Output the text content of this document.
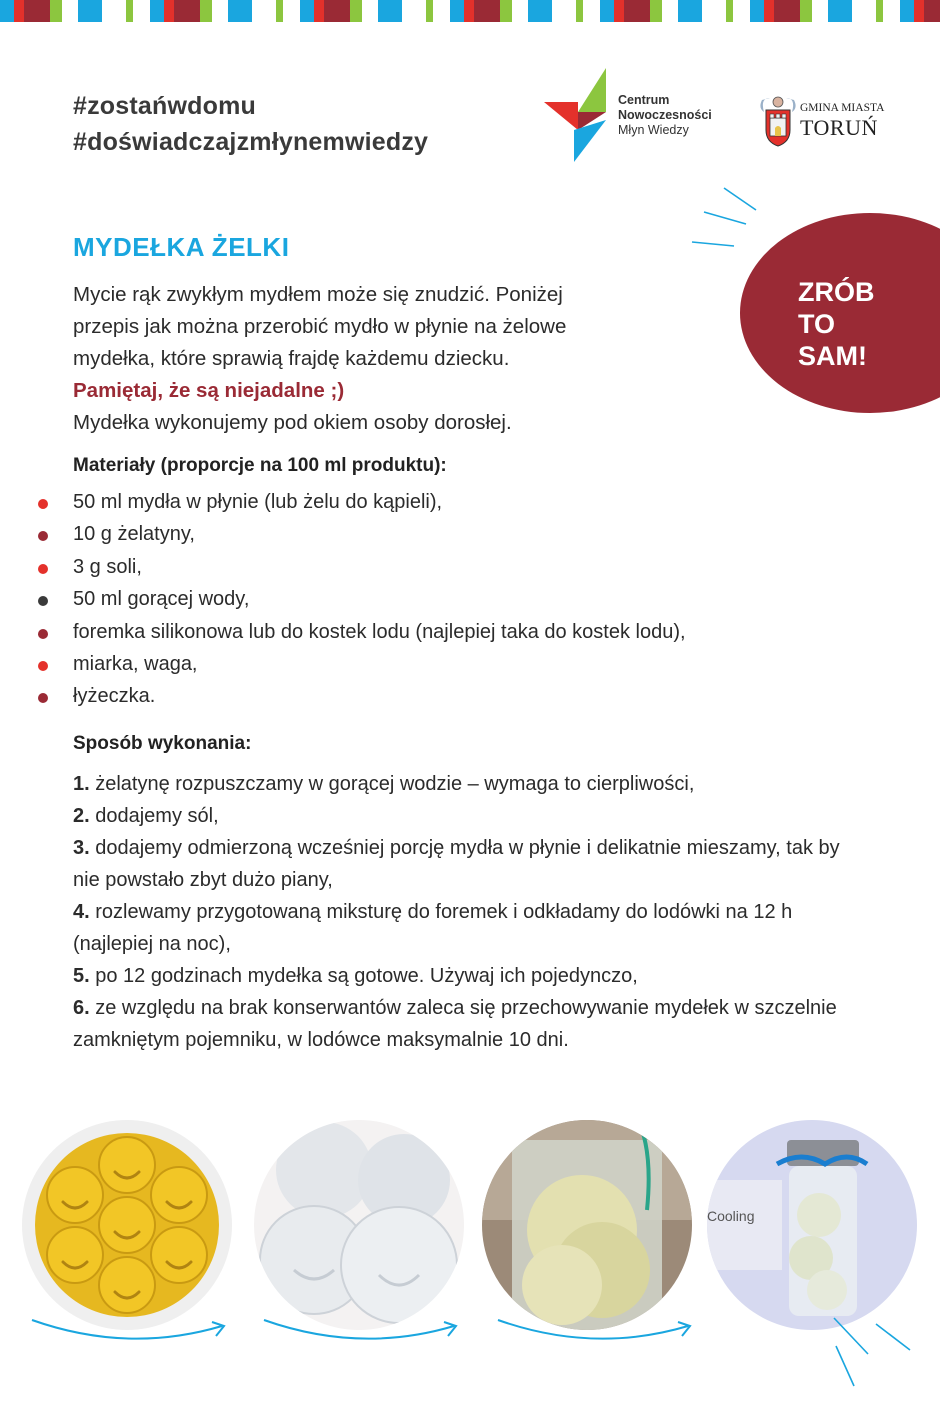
#zostańwdomu
#doświadczajzmłynemwiedzy
Centrum
Nowoczesności
Młyn Wiedzy
GMINA MIASTA
TORUŃ
ZRÓB
TO
SAM!
MYDEŁKA ŻELKI
Mycie rąk zwykłym mydłem może się znudzić. Poniżej
przepis jak można przerobić mydło w płynie na żelowe
mydełka, które sprawią frajdę każdemu dziecku.
Pamiętaj, że są niejadalne ;)
Mydełka wykonujemy pod okiem osoby dorosłej.
Materiały (proporcje na 100 ml produktu):
50 ml mydła w płynie (lub żelu do kąpieli),
10 g żelatyny,
3 g soli,
50 ml gorącej wody,
foremka silikonowa lub do kostek lodu (najlepiej taka do kostek lodu),
miarka, waga,
łyżeczka.
Sposób wykonania:

1. żelatynę rozpuszczamy w gorącej wodzie – wymaga to cierpliwości,

2. dodajemy sól,

3. dodajemy odmierzoną wcześniej porcję mydła w płynie i delikatnie mieszamy, tak by nie powstało zbyt dużo piany,

4. rozlewamy przygotowaną miksturę do foremek i odkładamy do lodówki na 12 h (najlepiej na noc),

5. po 12 godzinach mydełka są gotowe. Używaj ich pojedynczo,

6. ze względu na brak konserwantów zaleca się przechowywanie mydełek w szczelnie zamkniętym pojemniku, w lodówce maksymalnie 10 dni.

Cooling
